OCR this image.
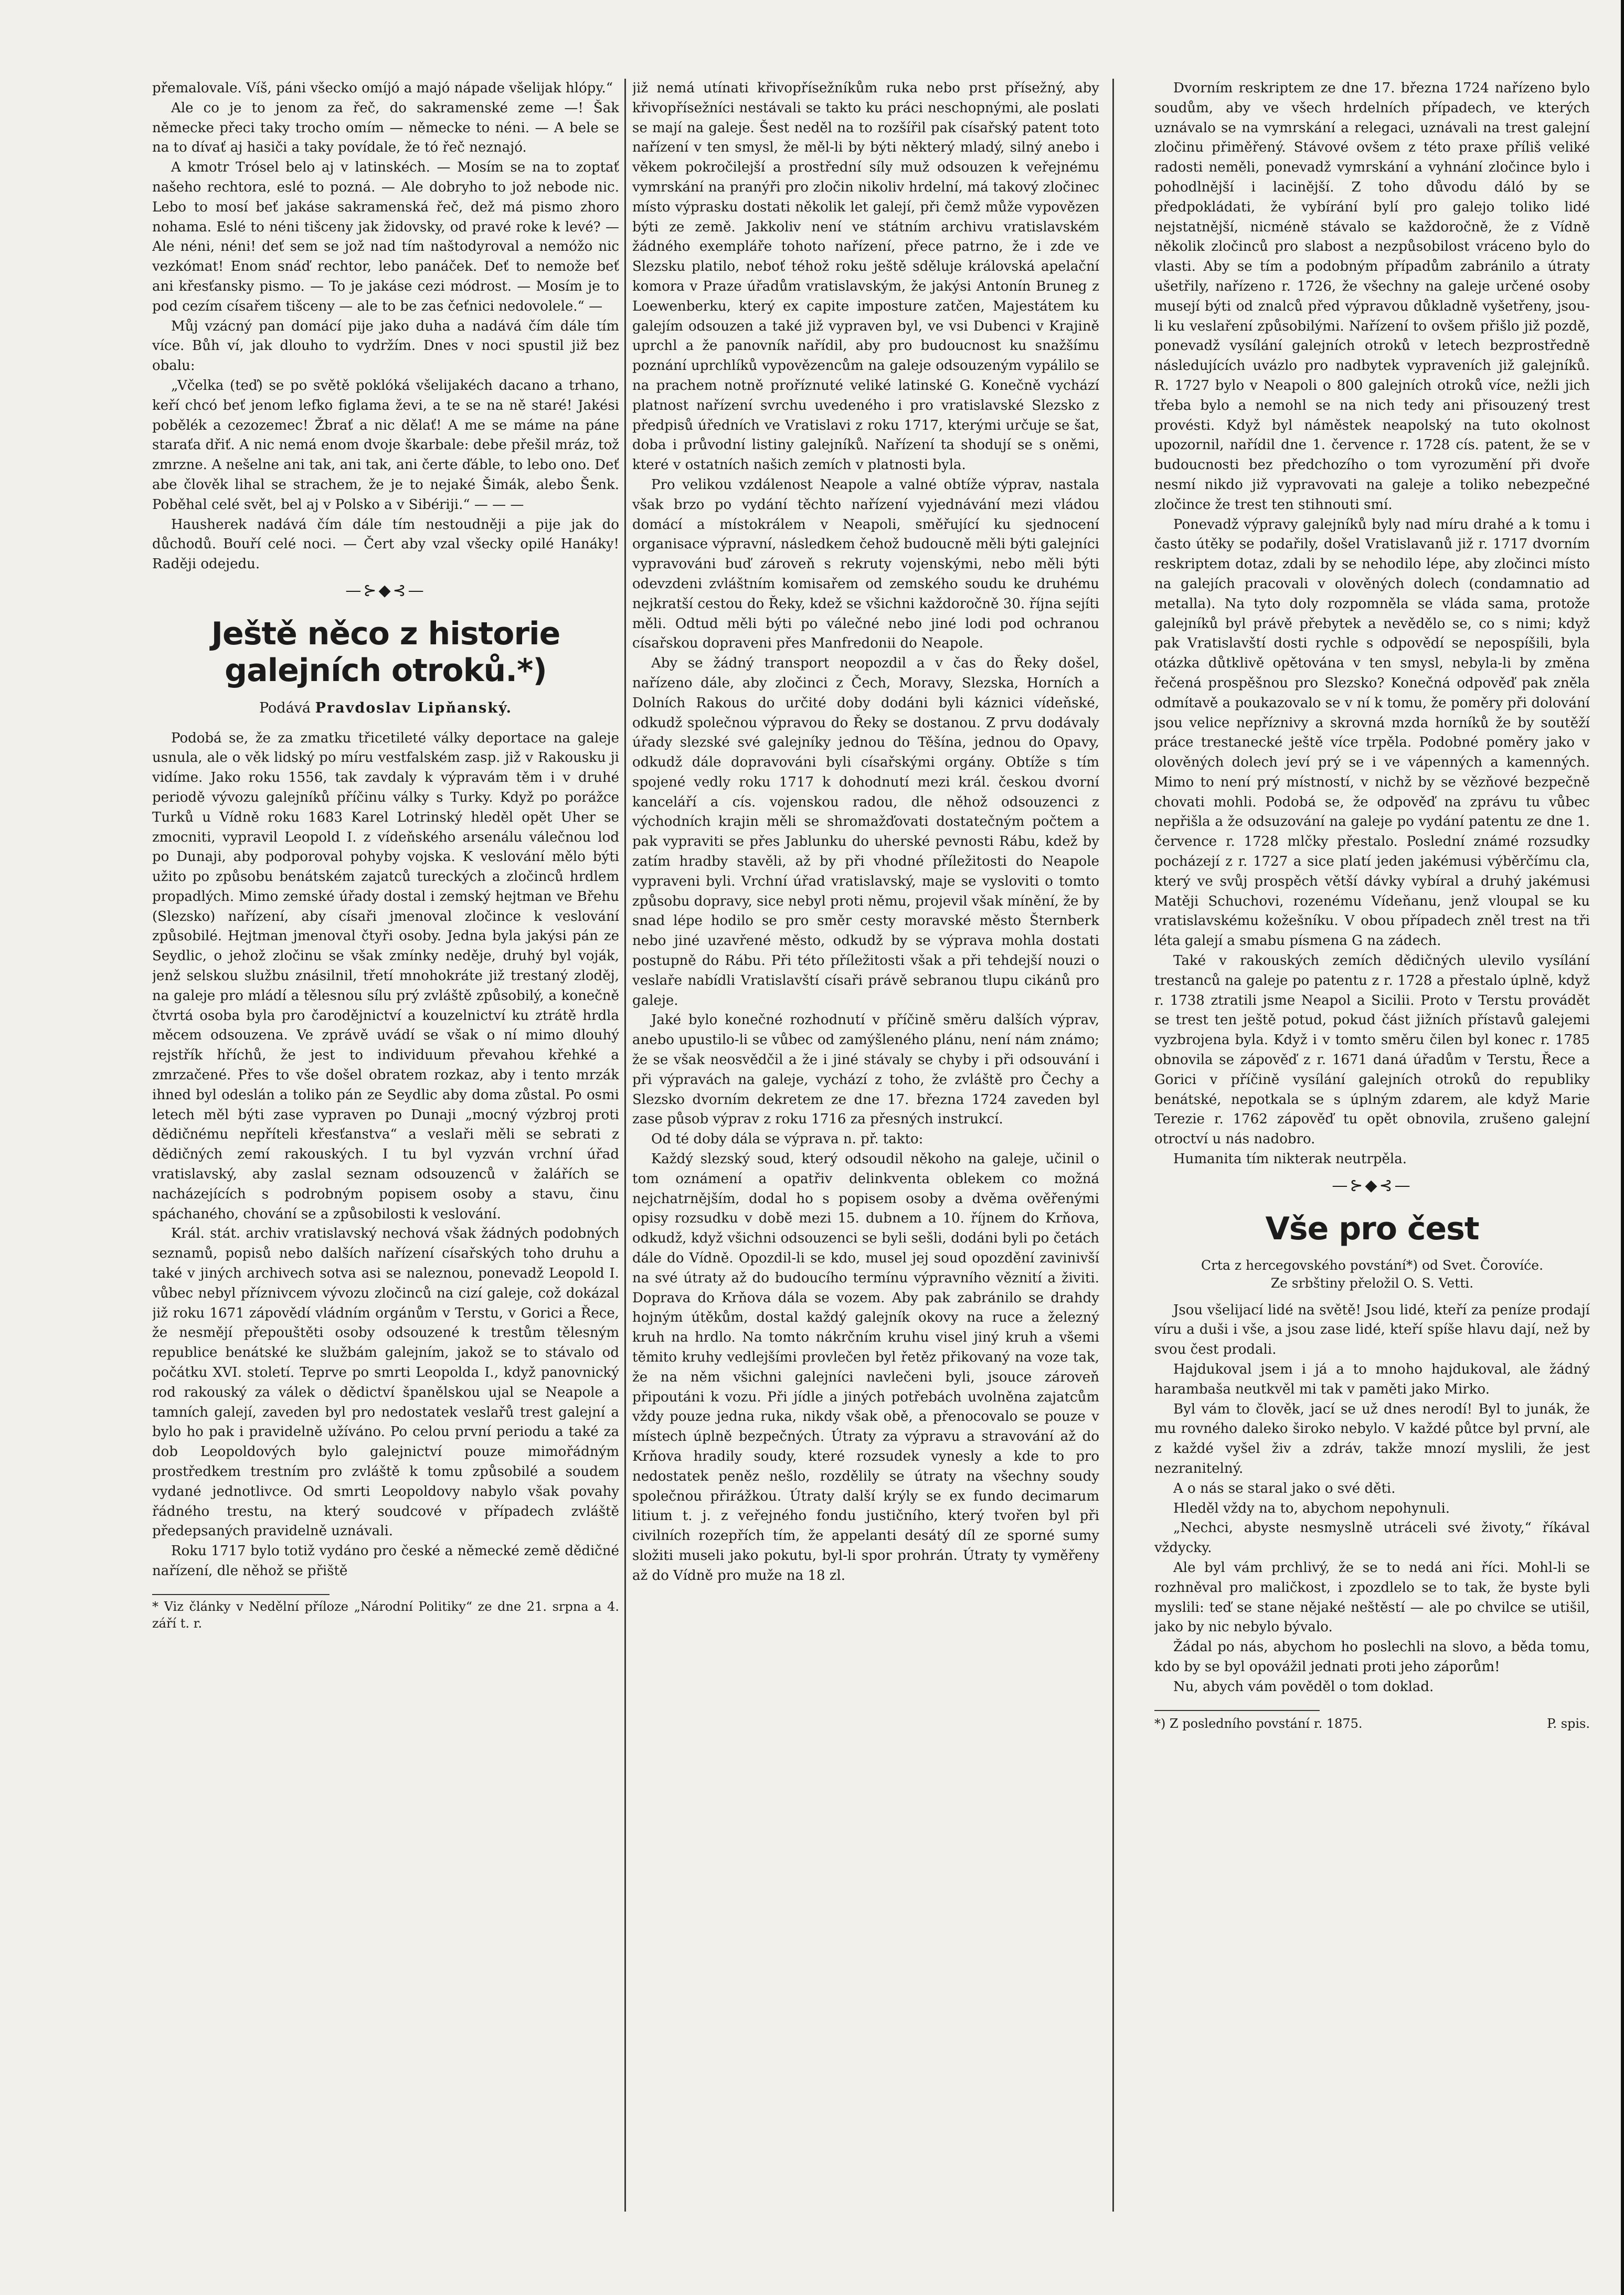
přemalovale. Víš, páni všecko omíjó a majó nápade všelijak hlópy.“

Ale co je to jenom za řeč, do sakramenské zeme —! Šak německe přeci taky trocho omím — německe to néni. — A bele se na to dívať aj hasiči a taky povídale, že tó řeč neznajó.

A kmotr Trósel belo aj v latinskéch. — Mosím se na to zoptať našeho rechtora, eslé to pozná. — Ale dobryho to jož nebode nic. Lebo to mosí beť jakáse sakramenská řeč, dež má pismo zhoro nohama. Eslé to néni tišceny jak židovsky, od pravé roke k levé? — Ale néni, néni! deť sem se jož nad tím naštodyroval a nemóžo nic vezkómat! Enom snáď rechtor, lebo panáček. Deť to nemože beť ani křesťansky pismo. — To je jakáse cezi módrost. — Mosím je to pod cezím císařem tišceny — ale to be zas čeťnici nedovolele.“ —

Můj vzácný pan domácí pije jako duha a nadává čím dále tím více. Bůh ví, jak dlouho to vydržím. Dnes v noci spustil již bez obalu:

„Včelka (teď) se po světě poklóká všelijakéch dacano a trhano, keří chcó beť jenom lefko figlama ževi, a te se na ně staré! Jakési pobělék a cezozemec! Žbrať a nic dělať! A me se máme na páne staraťa dřiť. A nic nemá enom dvoje škarbale: debe přešil mráz, tož zmrzne. A nešelne ani tak, ani tak, ani čerte ďáble, to lebo ono. Deť abe člověk lihal se strachem, že je to nejaké Šimák, alebo Šenk. Poběhal celé svět, bel aj v Polsko a v Sibériji.“ — — —

Hausherek nadává čím dále tím nestoudněji a pije jak do důchodů. Bouří celé noci. — Čert aby vzal všecky opilé Hanáky! Raději odejedu.

—⊱◆⊰—
Ještě něco z historie galejních otroků.*)
Podává Pravdoslav Lipňanský.

Podobá se, že za zmatku třicetileté války deportace na galeje usnula, ale o věk lidský po míru vestfalském zasp. již v Rakousku ji vidíme. Jako roku 1556, tak zavdaly k výpravám těm i v druhé periodě vývozu galejníků příčinu války s Turky. Když po porážce Turků u Vídně roku 1683 Karel Lotrinský hleděl opět Uher se zmocniti, vypravil Leopold I. z vídeňského arsenálu válečnou loď po Dunaji, aby podporoval pohyby vojska. K veslování mělo býti užito po způsobu benátském zajatců tureckých a zločinců hrdlem propadlých. Mimo zemské úřady dostal i zemský hejtman ve Břehu (Slezsko) nařízení, aby císaři jmenoval zločince k veslování způsobilé. Hejtman jmenoval čtyři osoby. Jedna byla jakýsi pán ze Seydlic, o jehož zločinu se však zmínky neděje, druhý byl voják, jenž selskou službu znásilnil, třetí mnohokráte již trestaný zloděj, na galeje pro mládí a tělesnou sílu prý zvláště způsobilý, a konečně čtvrtá osoba byla pro čarodějnictví a kouzelnictví ku ztrátě hrdla měcem odsouzena. Ve zprávě uvádí se však o ní mimo dlouhý rejstřík hříchů, že jest to individuum převahou křehké a zmrzačené. Přes to vše došel obratem rozkaz, aby i tento mrzák ihned byl odeslán a toliko pán ze Seydlic aby doma zůstal. Po osmi letech měl býti zase vypraven po Dunaji „mocný výzbroj proti dědičnému nepříteli křesťanstva“ a veslaři měli se sebrati z dědičných zemí rakouských. I tu byl vyzván vrchní úřad vratislavský, aby zaslal seznam odsouzenců v žalářích se nacházejících s podrobným popisem osoby a stavu, činu spáchaného, chování se a způsobilosti k veslování.

Král. stát. archiv vratislavský nechová však žádných podobných seznamů, popisů nebo dalších nařízení císařských toho druhu a také v jiných archivech sotva asi se naleznou, ponevadž Leopold I. vůbec nebyl příznivcem vývozu zločinců na cizí galeje, což dokázal již roku 1671 zápovědí vládním orgánům v Terstu, v Gorici a Řece, že nesmějí přepouštěti osoby odsouzené k trestům tělesným republice benátské ke službám galejním, jakož se to stávalo od počátku XVI. století. Teprve po smrti Leopolda I., když panovnický rod rakouský za válek o dědictví španělskou ujal se Neapole a tamních galejí, zaveden byl pro nedostatek veslařů trest galejní a bylo ho pak i pravidelně užíváno. Po celou první periodu a také za dob Leopoldových bylo galejnictví pouze mimořádným prostředkem trestním pro zvláště k tomu způsobilé a soudem vydané jednotlivce. Od smrti Leopoldovy nabylo však povahy řádného trestu, na který soudcové v případech zvláště předepsaných pravidelně uznávali.

Roku 1717 bylo totiž vydáno pro české a německé země dědičné nařízení, dle něhož se přiště

* Viz články v Nedělní příloze „Národní Politiky“ ze dne 21. srpna a 4. září t. r.

již nemá utínati křivopřísežníkům ruka nebo prst přísežný, aby křivopřísežníci nestávali se takto ku práci neschopnými, ale poslati se mají na galeje. Šest neděl na to rozšířil pak císařský patent toto nařízení v ten smysl, že měl-li by býti některý mladý, silný anebo i věkem pokročilejší a prostřední síly muž odsouzen k veřejnému vymrskání na pranýři pro zločin nikoliv hrdelní, má takový zločinec místo výprasku dostati několik let galejí, při čemž může vypovězen býti ze země. Jakkoliv není ve státním archivu vratislavském žádného exempláře tohoto nařízení, přece patrno, že i zde ve Slezsku platilo, neboť téhož roku ještě sděluje královská apelační komora v Praze úřadům vratislavským, že jakýsi Antonín Bruneg z Loewenberku, který ex capite imposture zatčen, Majestátem ku galejím odsouzen a také již vypraven byl, ve vsi Dubenci v Krajině uprchl a že panovník nařídil, aby pro budoucnost ku snažšímu poznání uprchlíků vypovězencům na galeje odsouzeným vypálilo se na prachem notně proříznuté veliké latinské G. Konečně vychází platnost nařízení svrchu uvedeného i pro vratislavské Slezsko z předpisů úředních ve Vratislavi z roku 1717, kterými určuje se šat, doba i průvodní listiny galejníků. Nařízení ta shodují se s oněmi, které v ostatních našich zemích v platnosti byla.

Pro velikou vzdálenost Neapole a valné obtíže výprav, nastala však brzo po vydání těchto nařízení vyjednávání mezi vládou domácí a místokrálem v Neapoli, směřující ku sjednocení organisace výpravní, následkem čehož budoucně měli býti galejníci vypravováni buď zároveň s rekruty vojenskými, nebo měli býti odevzdeni zvláštním komisařem od zemského soudu ke druhému nejkratší cestou do Řeky, kdež se všichni každoročně 30. října sejíti měli. Odtud měli býti po válečné nebo jiné lodi pod ochranou císařskou dopraveni přes Manfredonii do Neapole.

Aby se žádný transport neopozdil a v čas do Řeky došel, nařízeno dále, aby zločinci z Čech, Moravy, Slezska, Horních a Dolních Rakous do určité doby dodáni byli káznici vídeňské, odkudž společnou výpravou do Řeky se dostanou. Z prvu dodávaly úřady slezské své galejníky jednou do Těšína, jednou do Opavy, odkudž dále dopravováni byli císařskými orgány. Obtíže s tím spojené vedly roku 1717 k dohodnutí mezi král. českou dvorní kanceláří a cís. vojenskou radou, dle něhož odsouzenci z východních krajin měli se shromažďovati dostatečným počtem a pak vypraviti se přes Jablunku do uherské pevnosti Rábu, kdež by zatím hradby stavěli, až by při vhodné příležitosti do Neapole vypraveni byli. Vrchní úřad vratislavský, maje se vysloviti o tomto způsobu dopravy, sice nebyl proti němu, projevil však mínění, že by snad lépe hodilo se pro směr cesty moravské město Šternberk nebo jiné uzavřené město, odkudž by se výprava mohla dostati postupně do Rábu. Při této příležitosti však a při tehdejší nouzi o veslaře nabídli Vratislavští císaři právě sebranou tlupu cikánů pro galeje.

Jaké bylo konečné rozhodnutí v příčině směru dalších výprav, anebo upustilo-li se vůbec od zamýšleného plánu, není nám známo; že se však neosvědčil a že i jiné stávaly se chyby i při odsouvání i při výpravách na galeje, vychází z toho, že zvláště pro Čechy a Slezsko dvorním dekretem ze dne 17. března 1724 zaveden byl zase působ výprav z roku 1716 za přesných instrukcí.

Od té doby dála se výprava n. př. takto:

Každý slezský soud, který odsoudil někoho na galeje, učinil o tom oznámení a opatřiv delinkventa oblekem co možná nejchatrnějším, dodal ho s popisem osoby a dvěma ověřenými opisy rozsudku v době mezi 15. dubnem a 10. říjnem do Krňova, odkudž, když všichni odsouzenci se byli sešli, dodáni byli po četách dále do Vídně. Opozdil-li se kdo, musel jej soud opozdění zavinivší na své útraty až do budoucího termínu výpravního věznití a živiti. Doprava do Krňova dála se vozem. Aby pak zabránilo se drahdy hojným útěkům, dostal každý galejník okovy na ruce a železný kruh na hrdlo. Na tomto nákrčním kruhu visel jiný kruh a všemi těmito kruhy vedlejšími provlečen byl řetěz přikovaný na voze tak, že na něm všichni galejníci navlečeni byli, jsouce zároveň připoutáni k vozu. Při jídle a jiných potřebách uvolněna zajatcům vždy pouze jedna ruka, nikdy však obě, a přenocovalo se pouze v místech úplně bezpečných. Útraty za výpravu a stravování až do Krňova hradily soudy, které rozsudek vynesly a kde to pro nedostatek peněz nešlo, rozdělily se útraty na všechny soudy společnou přirážkou. Útraty další krýly se ex fundo decimarum litium t. j. z veřejného fondu justičního, který tvořen byl při civilních rozepřích tím, že appelanti desátý díl ze sporné sumy složiti museli jako pokutu, byl-li spor prohrán. Útraty ty vyměřeny až do Vídně pro muže na 18 zl.

Dvorním reskriptem ze dne 17. března 1724 nařízeno bylo soudům, aby ve všech hrdelních případech, ve kterých uznávalo se na vymrskání a relegaci, uznávali na trest galejní zločinu přiměřený. Stávové ovšem z této praxe příliš veliké radosti neměli, ponevadž vymrskání a vyhnání zločince bylo i pohodlnější i lacinější. Z toho důvodu dáló by se předpokládati, že vybírání bylí pro galejo toliko lidé nejstatnější, nicméně stávalo se každoročně, že z Vídně několik zločinců pro slabost a nezpůsobilost vráceno bylo do vlasti. Aby se tím a podobným případům zabránilo a útraty ušetřily, nařízeno r. 1726, že všechny na galeje určené osoby musejí býti od znalců před výpravou důkladně vyšetřeny, jsou-li ku veslaření způsobilými. Nařízení to ovšem přišlo již pozdě, ponevadž vysílání galejních otroků v letech bezprostředně následujících uvázlo pro nadbytek vypraveních již galejníků. R. 1727 bylo v Neapoli o 800 galejních otroků více, nežli jich třeba bylo a nemohl se na nich tedy ani přisouzený trest provésti. Když byl náměstek neapolský na tuto okolnost upozornil, nařídil dne 1. července r. 1728 cís. patent, že se v budoucnosti bez předchozího o tom vyrozumění při dvoře nesmí nikdo již vypravovati na galeje a toliko nebezpečné zločince že trest ten stihnouti smí.

Ponevadž výpravy galejníků byly nad míru drahé a k tomu i často útěky se podařily, došel Vratislavanů již r. 1717 dvorním reskriptem dotaz, zdali by se nehodilo lépe, aby zločinci místo na galejích pracovali v olověných dolech (condamnatio ad metalla). Na tyto doly rozpomněla se vláda sama, protože galejníků byl právě přebytek a nevědělo se, co s nimi; když pak Vratislavští dosti rychle s odpovědí se nepospíšili, byla otázka důtklivě opětována v ten smysl, nebyla-li by změna řečená prospěšnou pro Slezsko? Konečná odpověď pak zněla odmítavě a poukazovalo se v ní k tomu, že poměry při dolování jsou velice nepříznivy a skrovná mzda horníků že by soutěží práce trestanecké ještě více trpěla. Podobné poměry jako v olověných dolech jeví prý se i ve vápenných a kamenných. Mimo to není prý místností, v nichž by se vězňové bezpečně chovati mohli. Podobá se, že odpověď na zprávu tu vůbec nepřišla a že odsuzování na galeje po vydání patentu ze dne 1. července r. 1728 mlčky přestalo. Poslední známé rozsudky pocházejí z r. 1727 a sice platí jeden jakémusi výběrčímu cla, který ve svůj prospěch větší dávky vybíral a druhý jakémusi Matěji Schuchovi, rozenému Vídeňanu, jenž vloupal se ku vratislavskému kožešníku. V obou případech zněl trest na tři léta galejí a smabu písmena G na zádech.

Také v rakouských zemích dědičných ulevilo vysílání trestanců na galeje po patentu z r. 1728 a přestalo úplně, když r. 1738 ztratili jsme Neapol a Sicilii. Proto v Terstu provádět se trest ten ještě potud, pokud část jižních přístavů galejemi vyzbrojena byla. Když i v tomto směru čilen byl konec r. 1785 obnovila se zápověď z r. 1671 daná úřadům v Terstu, Řece a Gorici v příčině vysílání galejních otroků do republiky benátské, nepotkala se s úplným zdarem, ale když Marie Terezie r. 1762 zápověď tu opět obnovila, zrušeno galejní otroctví u nás nadobro.

Humanita tím nikterak neutrpěla.

—⊱◆⊰—
Vše pro čest
Crta z hercegovského povstání*) od Svet. Čorovíće.
Ze srbštiny přeložil O. S. Vetti.

Jsou všelijací lidé na světě! Jsou lidé, kteří za peníze prodají víru a duši i vše, a jsou zase lidé, kteří spíše hlavu dají, než by svou čest prodali.

Hajdukoval jsem i já a to mnoho hajdukoval, ale žádný harambaša neutkvěl mi tak v paměti jako Mirko.

Byl vám to člověk, jací se už dnes nerodí! Byl to junák, že mu rovného daleko široko nebylo. V každé půtce byl první, ale z každé vyšel živ a zdráv, takže mnozí myslili, že jest nezranitelný.

A o nás se staral jako o své děti.

Hleděl vždy na to, abychom nepohynuli.

„Nechci, abyste nesmyslně utráceli své životy,“ říkával vždycky.

Ale byl vám prchlivý, že se to nedá ani říci. Mohl-li se rozhněval pro maličkost, i zpozdlelo se to tak, že byste byli myslili: teď se stane nějaké neštěstí — ale po chvilce se utišil, jako by nic nebylo bývalo.

Žádal po nás, abychom ho poslechli na slovo, a běda tomu, kdo by se byl opovážil jednati proti jeho záporům!

Nu, abych vám pověděl o tom doklad.

*) Z posledního povstání r. 1875.	P. spis.
